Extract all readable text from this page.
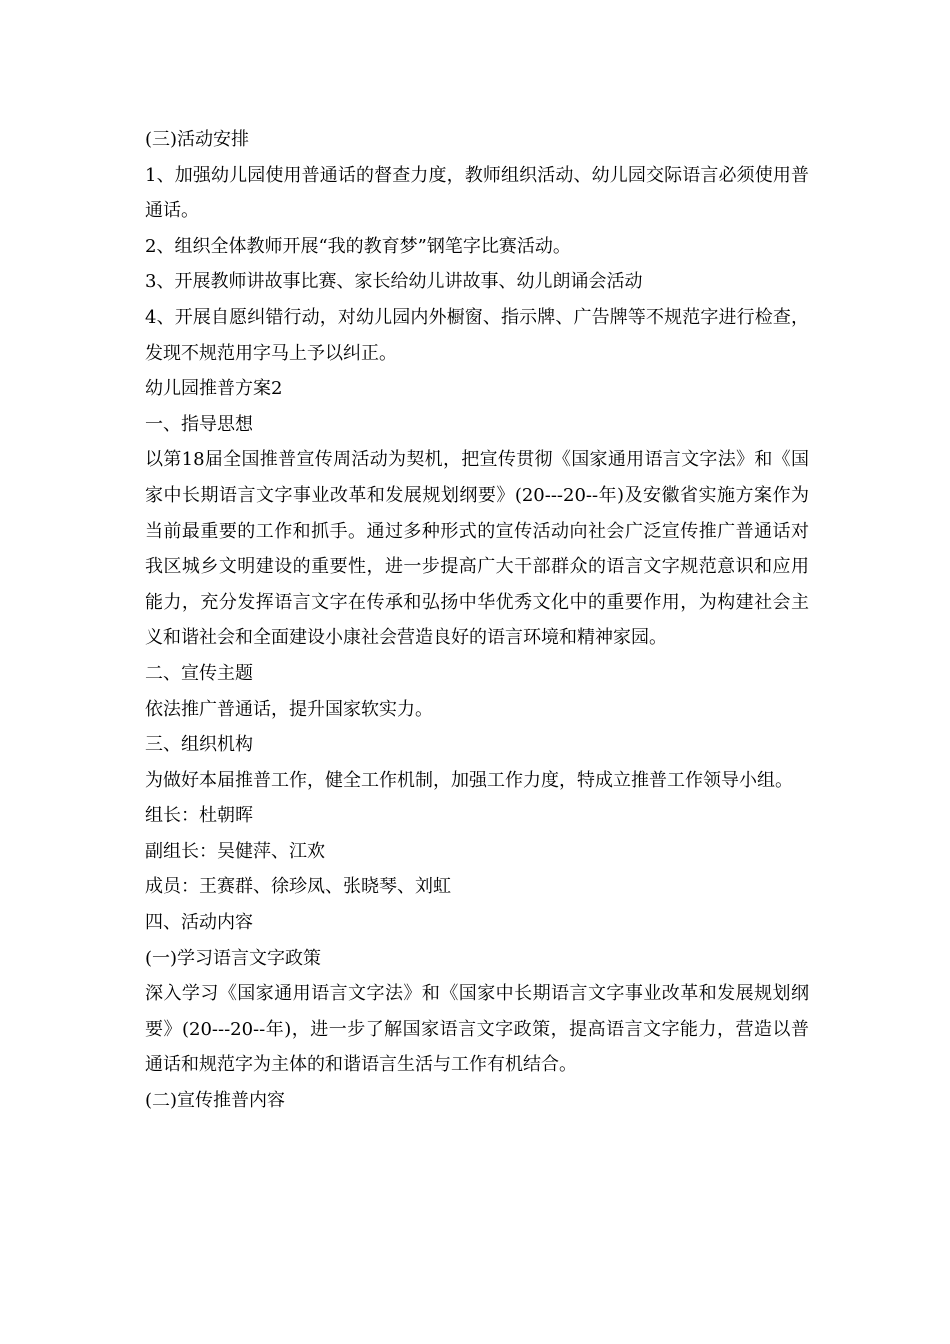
(三)活动安排

1、加强幼儿园使用普通话的督查力度，教师组织活动、幼儿园交际语言必须使用普通话。

2、组织全体教师开展“我的教育梦”钢笔字比赛活动。

3、开展教师讲故事比赛、家长给幼儿讲故事、幼儿朗诵会活动

4、开展自愿纠错行动，对幼儿园内外橱窗、指示牌、广告牌等不规范字进行检查，发现不规范用字马上予以纠正。

幼儿园推普方案2

一、指导思想

以第18届全国推普宣传周活动为契机，把宣传贯彻《国家通用语言文字法》和《国家中长期语言文字事业改革和发展规划纲要》(20---20--年)及安徽省实施方案作为当前最重要的工作和抓手。通过多种形式的宣传活动向社会广泛宣传推广普通话对我区城乡文明建设的重要性，进一步提高广大干部群众的语言文字规范意识和应用能力，充分发挥语言文字在传承和弘扬中华优秀文化中的重要作用，为构建社会主义和谐社会和全面建设小康社会营造良好的语言环境和精神家园。

二、宣传主题

依法推广普通话，提升国家软实力。

三、组织机构

为做好本届推普工作，健全工作机制，加强工作力度，特成立推普工作领导小组。

组长：杜朝晖

副组长：吴健萍、江欢

成员：王赛群、徐珍凤、张晓琴、刘虹

四、活动内容

(一)学习语言文字政策

深入学习《国家通用语言文字法》和《国家中长期语言文字事业改革和发展规划纲要》(20---20--年)，进一步了解国家语言文字政策，提高语言文字能力，营造以普通话和规范字为主体的和谐语言生活与工作有机结合。

(二)宣传推普内容
